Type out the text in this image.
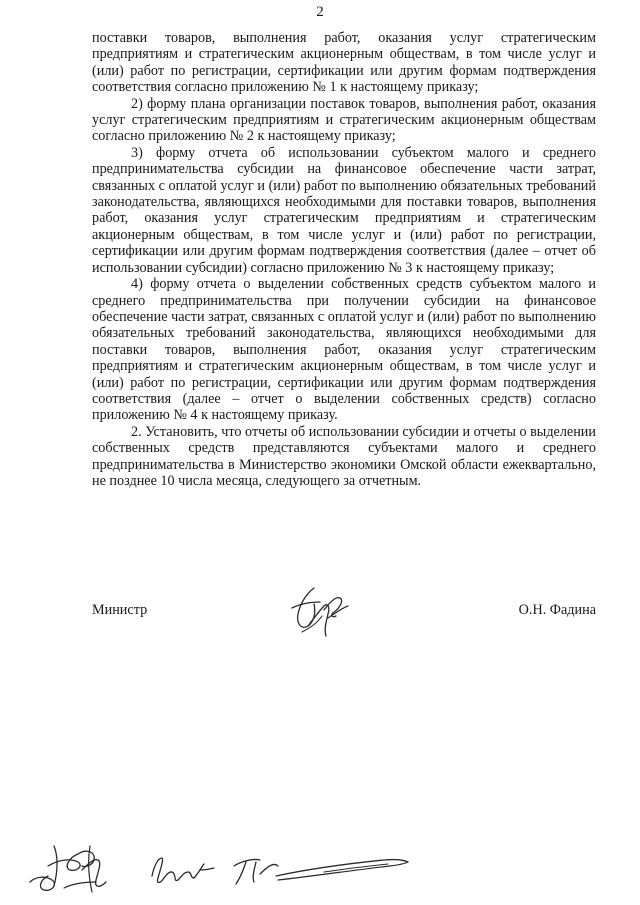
2

поставки товаров, выполнения работ, оказания услуг стратегическим предприятиям и стратегическим акционерным обществам, в том числе услуг и (или) работ по регистрации, сертификации или другим формам подтверждения соответствия согласно приложению № 1 к настоящему приказу;

2) форму плана организации поставок товаров, выполнения работ, оказания услуг стратегическим предприятиям и стратегическим акционерным обществам согласно приложению № 2 к настоящему приказу;

3) форму отчета об использовании субъектом малого и среднего предпринимательства субсидии на финансовое обеспечение части затрат, связанных с оплатой услуг и (или) работ по выполнению обязательных требований законодательства, являющихся необходимыми для поставки товаров, выполнения работ, оказания услуг стратегическим предприятиям и стратегическим акционерным обществам, в том числе услуг и (или) работ по регистрации, сертификации или другим формам подтверждения соответствия (далее – отчет об использовании субсидии) согласно приложению № 3 к настоящему приказу;

4) форму отчета о выделении собственных средств субъектом малого и среднего предпринимательства при получении субсидии на финансовое обеспечение части затрат, связанных с оплатой услуг и (или) работ по выполнению обязательных требований законодательства, являющихся необходимыми для поставки товаров, выполнения работ, оказания услуг стратегическим предприятиям и стратегическим акционерным обществам, в том числе услуг и (или) работ по регистрации, сертификации или другим формам подтверждения соответствия (далее – отчет о выделении собственных средств) согласно приложению № 4 к настоящему приказу.

2. Установить, что отчеты об использовании субсидии и отчеты о выделении собственных средств представляются субъектами малого и среднего предпринимательства в Министерство экономики Омской области ежеквартально, не позднее 10 числа месяца, следующего за отчетным.

Министр	О.Н. Фадина
